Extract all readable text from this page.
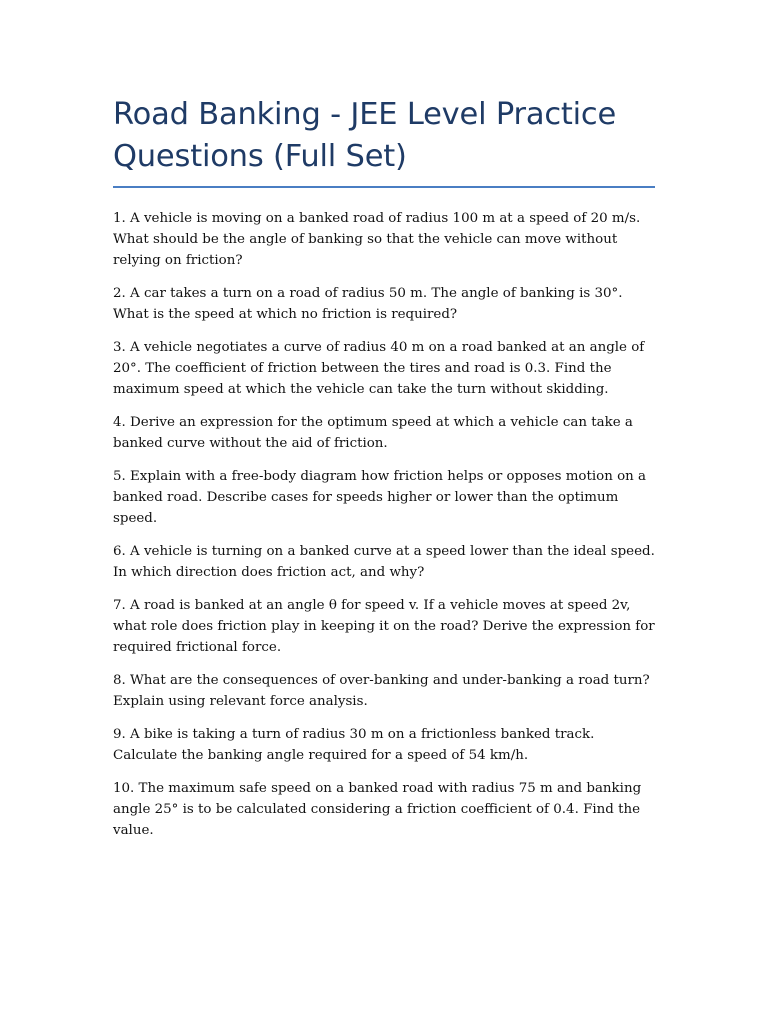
Road Banking - JEE Level Practice Questions (Full Set)

1. A vehicle is moving on a banked road of radius 100 m at a speed of 20 m/s. What should be the angle of banking so that the vehicle can move without relying on friction?

2. A car takes a turn on a road of radius 50 m. The angle of banking is 30°. What is the speed at which no friction is required?

3. A vehicle negotiates a curve of radius 40 m on a road banked at an angle of 20°. The coefficient of friction between the tires and road is 0.3. Find the maximum speed at which the vehicle can take the turn without skidding.

4. Derive an expression for the optimum speed at which a vehicle can take a banked curve without the aid of friction.

5. Explain with a free-body diagram how friction helps or opposes motion on a banked road. Describe cases for speeds higher or lower than the optimum speed.

6. A vehicle is turning on a banked curve at a speed lower than the ideal speed. In which direction does friction act, and why?

7. A road is banked at an angle θ for speed v. If a vehicle moves at speed 2v, what role does friction play in keeping it on the road? Derive the expression for required frictional force.

8. What are the consequences of over-banking and under-banking a road turn? Explain using relevant force analysis.

9. A bike is taking a turn of radius 30 m on a frictionless banked track. Calculate the banking angle required for a speed of 54 km/h.

10. The maximum safe speed on a banked road with radius 75 m and banking angle 25° is to be calculated considering a friction coefficient of 0.4. Find the value.
